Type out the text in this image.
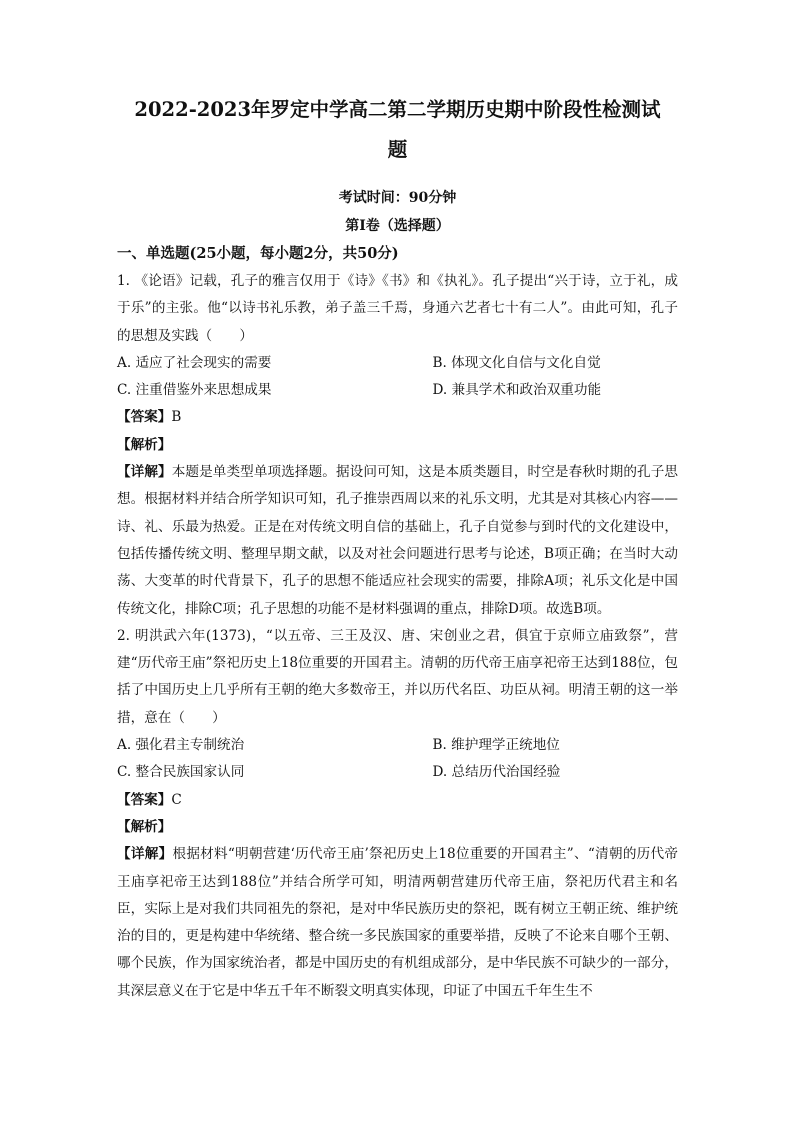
2022-2023年罗定中学高二第二学期历史期中阶段性检测试
题
考试时间：90分钟
第Ⅰ卷（选择题）
一、单选题(25小题，每小题2分，共50分)

1. 《论语》记载，孔子的雅言仅用于《诗》《书》和《执礼》。孔子提出“兴于诗，立于礼，成于乐”的主张。他“以诗书礼乐教，弟子盖三千焉，身通六艺者七十有二人”。由此可知，孔子的思想及实践（　　）

A. 适应了社会现实的需要	B. 体现文化自信与文化自觉
C. 注重借鉴外来思想成果	D. 兼具学术和政治双重功能

【答案】B

【解析】

【详解】本题是单类型单项选择题。据设问可知，这是本质类题目，时空是春秋时期的孔子思想。根据材料并结合所学知识可知，孔子推崇西周以来的礼乐文明，尤其是对其核心内容——诗、礼、乐最为热爱。正是在对传统文明自信的基础上，孔子自觉参与到时代的文化建设中，包括传播传统文明、整理早期文献，以及对社会问题进行思考与论述，B项正确；在当时大动荡、大变革的时代背景下，孔子的思想不能适应社会现实的需要，排除A项；礼乐文化是中国传统文化，排除C项；孔子思想的功能不是材料强调的重点，排除D项。故选B项。

2. 明洪武六年(1373)，“以五帝、三王及汉、唐、宋创业之君，俱宜于京师立庙致祭”，营建“历代帝王庙”祭祀历史上18位重要的开国君主。清朝的历代帝王庙享祀帝王达到188位，包括了中国历史上几乎所有王朝的绝大多数帝王，并以历代名臣、功臣从祠。明清王朝的这一举措，意在（　　）

A. 强化君主专制统治	B. 维护理学正统地位
C. 整合民族国家认同	D. 总结历代治国经验

【答案】C

【解析】

【详解】根据材料“明朝营建‘历代帝王庙’祭祀历史上18位重要的开国君主”、“清朝的历代帝王庙享祀帝王达到188位”并结合所学可知，明清两朝营建历代帝王庙，祭祀历代君主和名臣，实际上是对我们共同祖先的祭祀，是对中华民族历史的祭祀，既有树立王朝正统、维护统治的目的，更是构建中华统绪、整合统一多民族国家的重要举措，反映了不论来自哪个王朝、哪个民族，作为国家统治者，都是中国历史的有机组成部分，是中华民族不可缺少的一部分，其深层意义在于它是中华五千年不断裂文明真实体现，印证了中国五千年生生不
